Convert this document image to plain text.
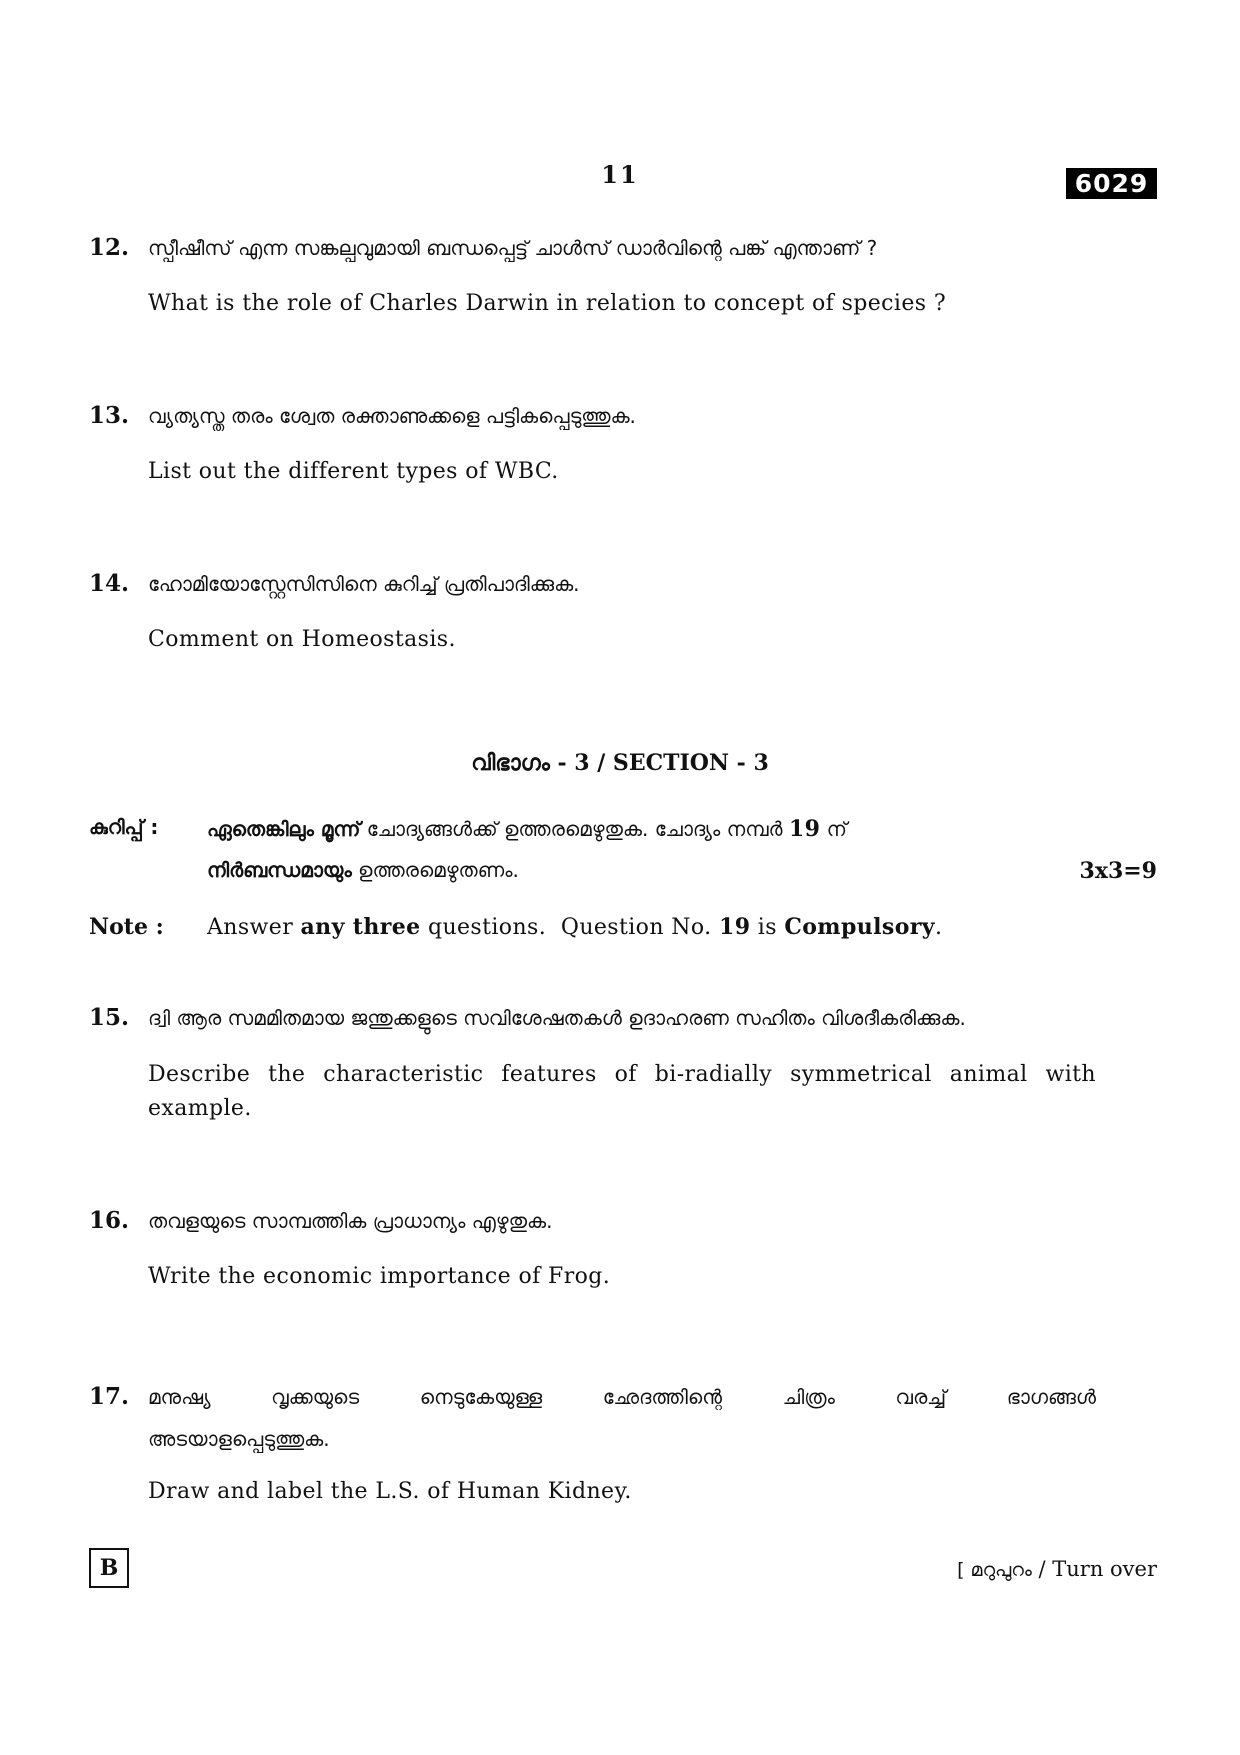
11	6029
12. സ്പീഷീസ് എന്ന സങ്കല്പവുമായി ബന്ധപ്പെട്ട് ചാൾസ് ഡാർവിന്റെ പങ്ക് എന്താണ് ?
What is the role of Charles Darwin in relation to concept of species ?
13. വ്യത്യസ്ത തരം ശ്വേത രക്താണുക്കളെ പട്ടികപ്പെടുത്തുക.
List out the different types of WBC.
14. ഹോമിയോസ്റ്റേസിസിനെ കുറിച്ച് പ്രതിപാദിക്കുക.
Comment on Homeostasis.
വിഭാഗം - 3 / SECTION - 3
കുറിപ്പ് : ഏതെങ്കിലും മൂന്ന് ചോദ്യങ്ങൾക്ക് ഉത്തരമെഴുതുക. ചോദ്യം നമ്പർ 19 ന്
നിർബന്ധമായും ഉത്തരമെഴുതണം.	3x3=9
Note : Answer any three questions.  Question No. 19 is Compulsory.
15. ദ്വി ആര സമമിതമായ ജന്തുക്കളുടെ സവിശേഷതകൾ ഉദാഹരണ സഹിതം വിശദീകരിക്കുക.
Describe the characteristic features of bi-radially symmetrical animal with
example.
16. തവളയുടെ സാമ്പത്തിക പ്രാധാന്യം എഴുതുക.
Write the economic importance of Frog.
17. മനുഷ്യ വൃക്കയുടെ നെടുകേയുള്ള ഛേദത്തിന്റെ ചിത്രം വരച്ച് ഭാഗങ്ങൾ
അടയാളപ്പെടുത്തുക.
Draw and label the L.S. of Human Kidney.
B	[ മറുപുറം / Turn over
